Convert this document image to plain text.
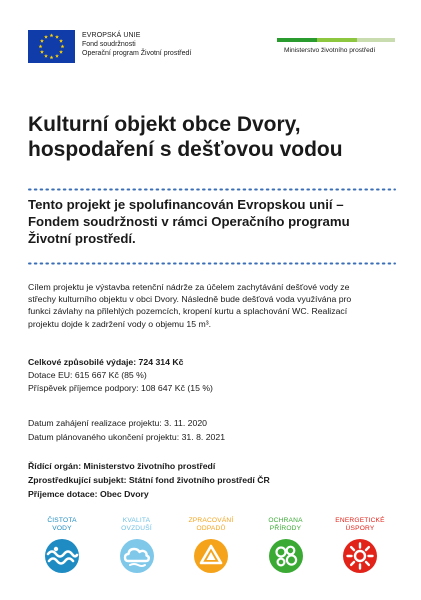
EVROPSKÁ UNIE
Fond soudržnosti
Operační program Životní prostředí	Ministerstvo životního prostředí
Kulturní objekt obce Dvory,
hospodaření s dešťovou vodou
Tento projekt je spolufinancován Evropskou unií –
Fondem soudržnosti v rámci Operačního programu
Životní prostředí.
Cílem projektu je výstavba retenční nádrže za účelem zachytávání dešťové vody ze
střechy kulturního objektu v obci Dvory. Následně bude dešťová voda využívána pro
funkci závlahy na přilehlých pozemcích, kropení kurtu a splachování WC. Realizací
projektu dojde k zadržení vody o objemu 15 m³.
Celkové způsobilé výdaje: 724 314 Kč
Dotace EU: 615 667 Kč (85 %)
Příspěvek příjemce podpory: 108 647 Kč (15 %)
Datum zahájení realizace projektu: 3. 11. 2020
Datum plánovaného ukončení projektu: 31. 8. 2021
Řídící orgán: Ministerstvo životního prostředí
Zprostředkující subjekt: Státní fond životního prostředí ČR
Příjemce dotace: Obec Dvory
ČISTOTA
VODY
KVALITA
OVZDUŠÍ
ZPRACOVÁNÍ
ODPADŮ
OCHRANA
PŘÍRODY
ENERGETICKÉ
ÚSPORY
